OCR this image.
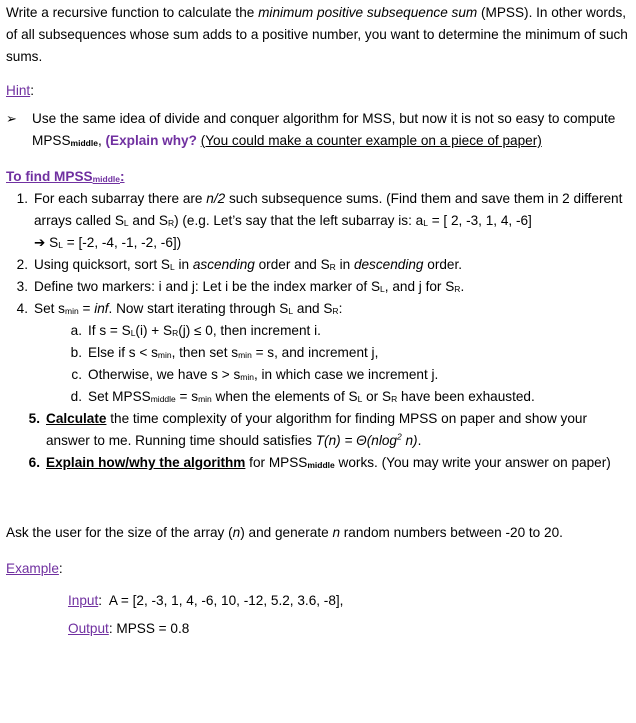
Write a recursive function to calculate the minimum positive subsequence sum (MPSS). In other words, of all subsequences whose sum adds to a positive number, you want to determine the minimum of such sums.

Hint:

➢	Use the same idea of divide and conquer algorithm for MSS, but now it is not so easy to compute $MPSS_{middle}$, (Explain why? (You could make a counter example on a piece of paper)

To find $MPSS_{middle}$:

1. For each subarray there are n/2 such subsequence sums. (Find them and save them in 2 different arrays called $S_L$ and $S_R$) (e.g. Let’s say that the left subarray is: $a_L$ = [ 2, -3, 1, 4, -6]
➔ $S_L = [-2$, -4, -1, -2, -6])
2. Using quicksort, sort $S_L$ in ascending order and $S_R$ in descending order.
3. Define two markers: i and j: Let i be the index marker of $S_L$, and j for $S_R$.
4. Set $s_{min}$ = inf. Now start iterating through $S_L$ and $S_R$:
a. If $s = S_L(i) + S_R(j) \le 0$, then increment i.
b. Else if $s < s_{min}$, then set $s_{min} = s$, and increment j,
c. Otherwise, we have $s > s_{min}$, in which case we increment j.
d. Set $MPSS_{middle} = s_{min}$ when the elements of $S_L$ or $S_R$ have been exhausted.
5. Calculate the time complexity of your algorithm for finding MPSS on paper and show your answer to me. Running time should satisfies T(n) = Θ(nlog$^2$ n).
6. Explain how/why the algorithm for $MPSS_{middle}$ works. (You may write your answer on paper)

Ask the user for the size of the array (n) and generate n random numbers between -20 to 20.

Example:

Input:  A = [2, -3, 1, 4, -6, 10, -12, 5.2, 3.6, -8],

Output: MPSS = 0.8
